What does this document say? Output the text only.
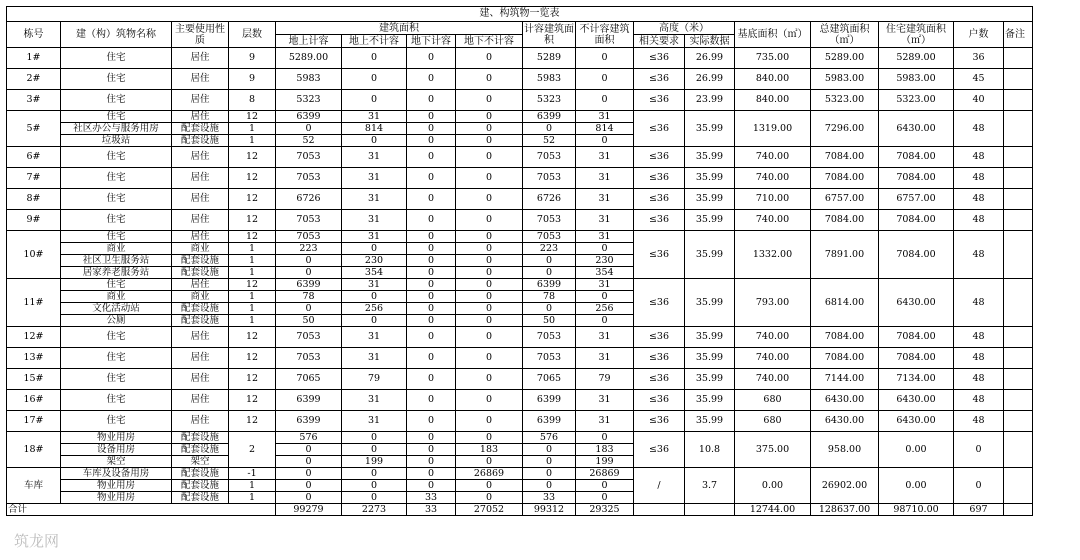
建、构筑物一览表																
栋号	建（构）筑物名称	主要使用性质	层数	建筑面积				计容建筑面积	不计容建筑面积	高度（米）		基底面积（㎡）	总建筑面积（㎡）	住宅建筑面积（㎡）	户数	备注
				地上计容	地上不计容	地下计容	地下不计容			相关要求	实际数据					
1#	住宅	居住	9	5289.00	0	0	0	5289	0	≤36	26.99	735.00	5289.00	5289.00	36	
2#	住宅	居住	9	5983	0	0	0	5983	0	≤36	26.99	840.00	5983.00	5983.00	45	
3#	住宅	居住	8	5323	0	0	0	5323	0	≤36	23.99	840.00	5323.00	5323.00	40	
5#	住宅	居住	12	6399	31	0	0	6399	31	≤36	35.99	1319.00	7296.00	6430.00	48	
	社区办公与服务用房	配套设施	1	0	814	0	0	0	814							
	垃圾站	配套设施	1	52	0	0	0	52	0							
6#	住宅	居住	12	7053	31	0	0	7053	31	≤36	35.99	740.00	7084.00	7084.00	48	
7#	住宅	居住	12	7053	31	0	0	7053	31	≤36	35.99	740.00	7084.00	7084.00	48	
8#	住宅	居住	12	6726	31	0	0	6726	31	≤36	35.99	710.00	6757.00	6757.00	48	
9#	住宅	居住	12	7053	31	0	0	7053	31	≤36	35.99	740.00	7084.00	7084.00	48	
10#	住宅	居住	12	7053	31	0	0	7053	31	≤36	35.99	1332.00	7891.00	7084.00	48	
	商业	商业	1	223	0	0	0	223	0							
	社区卫生服务站	配套设施	1	0	230	0	0	0	230							
	居家养老服务站	配套设施	1	0	354	0	0	0	354							
11#	住宅	居住	12	6399	31	0	0	6399	31	≤36	35.99	793.00	6814.00	6430.00	48	
	商业	商业	1	78	0	0	0	78	0							
	文化活动站	配套设施	1	0	256	0	0	0	256							
	公厕	配套设施	1	50	0	0	0	50	0							
12#	住宅	居住	12	7053	31	0	0	7053	31	≤36	35.99	740.00	7084.00	7084.00	48	
13#	住宅	居住	12	7053	31	0	0	7053	31	≤36	35.99	740.00	7084.00	7084.00	48	
15#	住宅	居住	12	7065	79	0	0	7065	79	≤36	35.99	740.00	7144.00	7134.00	48	
16#	住宅	居住	12	6399	31	0	0	6399	31	≤36	35.99	680	6430.00	6430.00	48	
17#	住宅	居住	12	6399	31	0	0	6399	31	≤36	35.99	680	6430.00	6430.00	48	
18#	物业用房	配套设施	2	576	0	0	0	576	0	≤36	10.8	375.00	958.00	0.00	0	
	设备用房	配套设施		0	0	0	183	0	183							
	架空	架空		0	199	0	0	0	199							
车库	车库及设备用房	配套设施	-1	0	0	0	26869	0	26869	/	3.7	0.00	26902.00	0.00	0	
	物业用房	配套设施	1	0	0	0	0	0	0							
	物业用房	配套设施	1	0	0	33	0	33	0							
合计				99279	2273	33	27052	99312	29325			12744.00	128637.00	98710.00	697	
筑龙网
